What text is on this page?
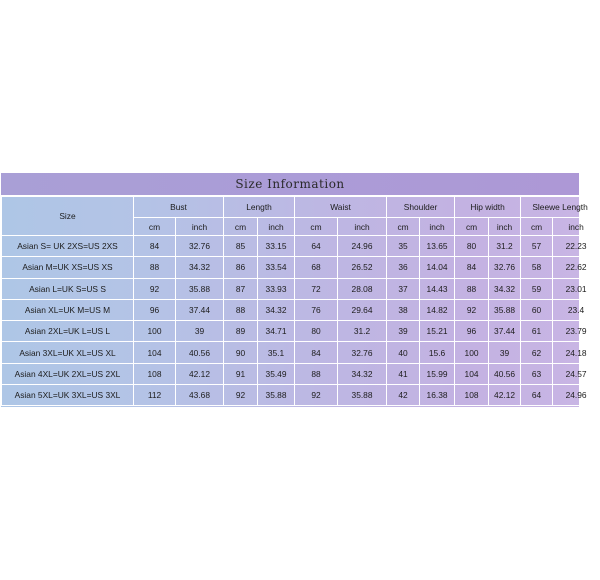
Size Information
Size	Bust		Length		Waist		Shoulder		Hip width		Sleewe Length	
	cm	inch	cm	inch	cm	inch	cm	inch	cm	inch	cm	inch
Asian S= UK 2XS=US 2XS	84	32.76	85	33.15	64	24.96	35	13.65	80	31.2	57	22.23
Asian M=UK XS=US XS	88	34.32	86	33.54	68	26.52	36	14.04	84	32.76	58	22.62
Asian L=UK S=US S	92	35.88	87	33.93	72	28.08	37	14.43	88	34.32	59	23.01
Asian XL=UK M=US M	96	37.44	88	34.32	76	29.64	38	14.82	92	35.88	60	23.4
Asian 2XL=UK L=US L	100	39	89	34.71	80	31.2	39	15.21	96	37.44	61	23.79
Asian 3XL=UK XL=US XL	104	40.56	90	35.1	84	32.76	40	15.6	100	39	62	24.18
Asian 4XL=UK 2XL=US 2XL	108	42.12	91	35.49	88	34.32	41	15.99	104	40.56	63	24.57
Asian 5XL=UK 3XL=US 3XL	112	43.68	92	35.88	92	35.88	42	16.38	108	42.12	64	24.96
